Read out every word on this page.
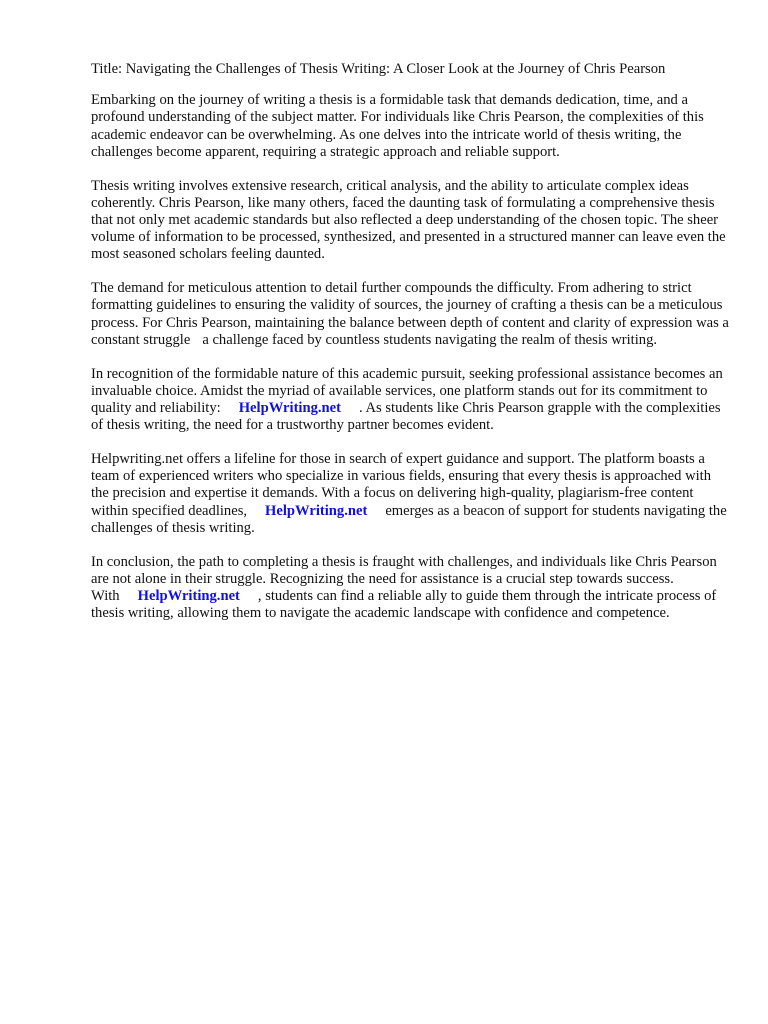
Title: Navigating the Challenges of Thesis Writing: A Closer Look at the Journey of Chris Pearson

Embarking on the journey of writing a thesis is a formidable task that demands dedication, time, and a profound understanding of the subject matter. For individuals like Chris Pearson, the complexities of this academic endeavor can be overwhelming. As one delves into the intricate world of thesis writing, the challenges become apparent, requiring a strategic approach and reliable support.

Thesis writing involves extensive research, critical analysis, and the ability to articulate complex ideas coherently. Chris Pearson, like many others, faced the daunting task of formulating a comprehensive thesis that not only met academic standards but also reflected a deep understanding of the chosen topic. The sheer volume of information to be processed, synthesized, and presented in a structured manner can leave even the most seasoned scholars feeling daunted.

The demand for meticulous attention to detail further compounds the difficulty. From adhering to strict formatting guidelines to ensuring the validity of sources, the journey of crafting a thesis can be a meticulous process. For Chris Pearson, maintaining the balance between depth of content and clarity of expression was a constant struggle a challenge faced by countless students navigating the realm of thesis writing.

In recognition of the formidable nature of this academic pursuit, seeking professional assistance becomes an invaluable choice. Amidst the myriad of available services, one platform stands out for its commitment to quality and reliability: HelpWriting.net . As students like Chris Pearson grapple with the complexities of thesis writing, the need for a trustworthy partner becomes evident.

Helpwriting.net offers a lifeline for those in search of expert guidance and support. The platform boasts a team of experienced writers who specialize in various fields, ensuring that every thesis is approached with the precision and expertise it demands. With a focus on delivering high-quality, plagiarism-free content within specified deadlines, HelpWriting.net emerges as a beacon of support for students navigating the challenges of thesis writing.

In conclusion, the path to completing a thesis is fraught with challenges, and individuals like Chris Pearson are not alone in their struggle. Recognizing the need for assistance is a crucial step towards success. With HelpWriting.net , students can find a reliable ally to guide them through the intricate process of thesis writing, allowing them to navigate the academic landscape with confidence and competence.
